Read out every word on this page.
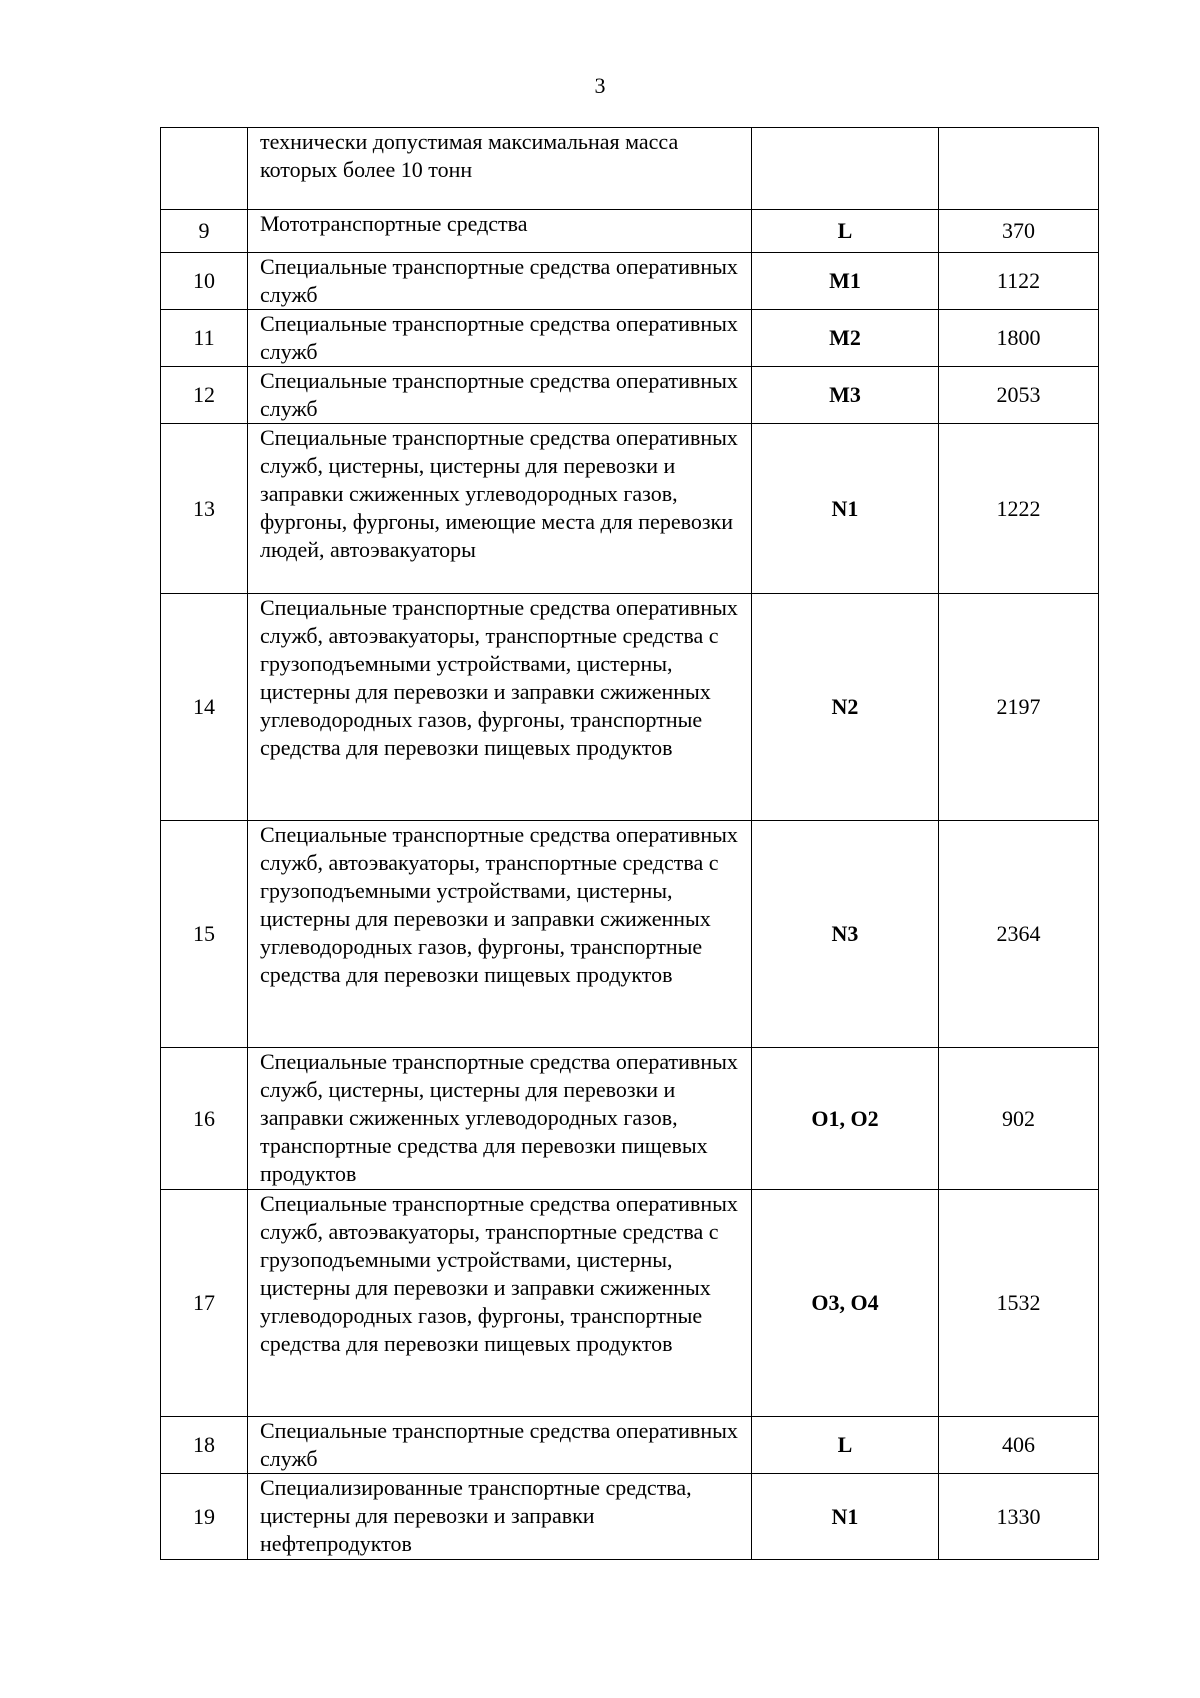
3
	технически допустимая максимальная масса которых более 10 тонн		
9	Мототранспортные средства	L	370
10	Специальные транспортные средства оперативных служб	M1	1122
11	Специальные транспортные средства оперативных служб	M2	1800
12	Специальные транспортные средства оперативных служб	M3	2053
13	Специальные транспортные средства оперативных служб, цистерны, цистерны для перевозки и заправки сжиженных углеводородных газов, фургоны, фургоны, имеющие места для перевозки людей, автоэвакуаторы	N1	1222
14	Специальные транспортные средства оперативных служб, автоэвакуаторы, транспортные средства с грузоподъемными устройствами, цистерны, цистерны для перевозки и заправки сжиженных углеводородных газов, фургоны, транспортные средства для перевозки пищевых продуктов	N2	2197
15	Специальные транспортные средства оперативных служб, автоэвакуаторы, транспортные средства с грузоподъемными устройствами, цистерны, цистерны для перевозки и заправки сжиженных углеводородных газов, фургоны, транспортные средства для перевозки пищевых продуктов	N3	2364
16	Специальные транспортные средства оперативных служб, цистерны, цистерны для перевозки и заправки сжиженных углеводородных газов, транспортные средства для перевозки пищевых продуктов	O1, O2	902
17	Специальные транспортные средства оперативных служб, автоэвакуаторы, транспортные средства с грузоподъемными устройствами, цистерны, цистерны для перевозки и заправки сжиженных углеводородных газов, фургоны, транспортные средства для перевозки пищевых продуктов	O3, O4	1532
18	Специальные транспортные средства оперативных служб	L	406
19	Специализированные транспортные средства, цистерны для перевозки и заправки нефтепродуктов	N1	1330
